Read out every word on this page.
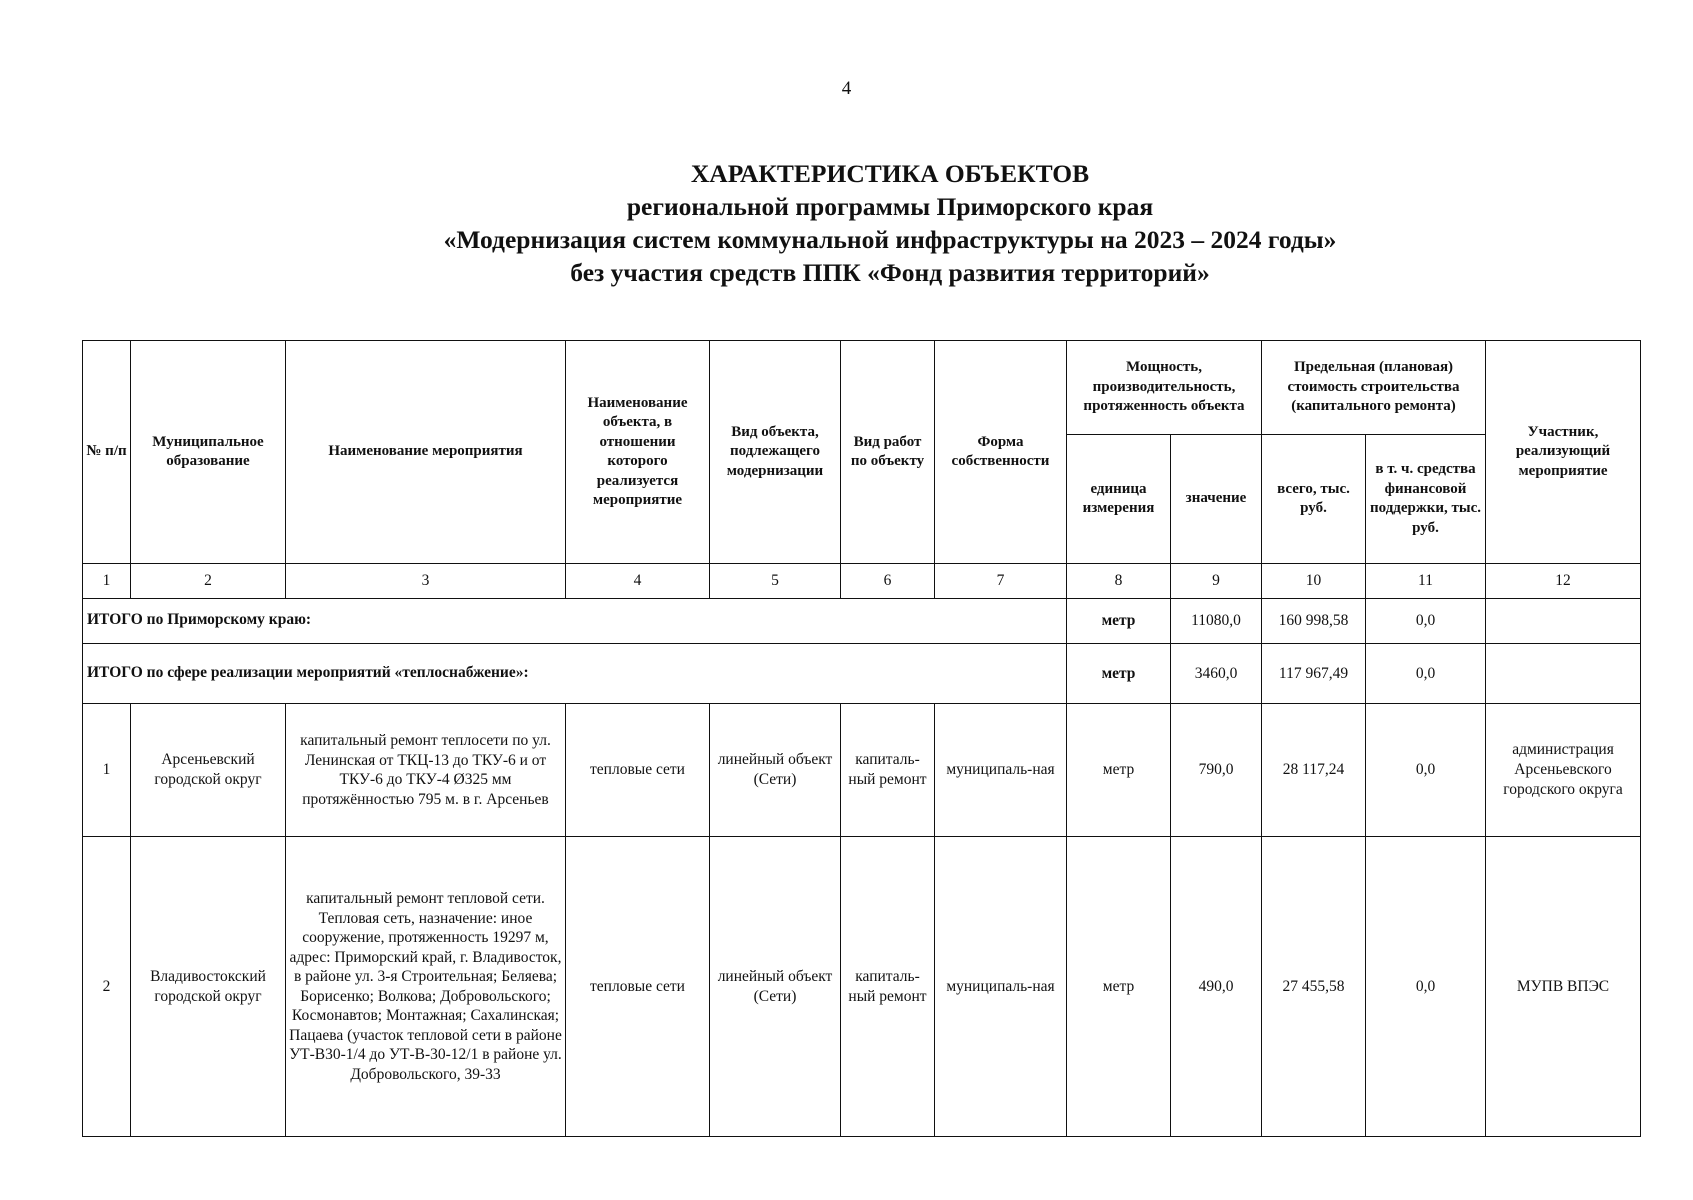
4
ХАРАКТЕРИСТИКА ОБЪЕКТОВ
региональной программы Приморского края
«Модернизация систем коммунальной инфраструктуры на 2023 – 2024 годы»
без участия средств ППК «Фонд развития территорий»
№ п/п	Муниципальное образование	Наименование мероприятия	Наименование объекта, в отношении которого реализуется мероприятие	Вид объекта, подлежащего модернизации	Вид работ по объекту	Форма собственности	Мощность, производительность, протяженность объекта		Предельная (плановая) стоимость строительства (капитального ремонта)		Участник, реализующий мероприятие
							единица измерения	значение	всего, тыс. руб.	в т. ч. средства финансовой поддержки, тыс. руб.	
1	2	3	4	5	6	7	8	9	10	11	12
ИТОГО по Приморскому краю:							метр	11080,0	160 998,58	0,0	
ИТОГО по сфере реализации мероприятий «теплоснабжение»:							метр	3460,0	117 967,49	0,0	
1	Арсеньевский городской округ	капитальный ремонт теплосети по ул. Ленинская от ТКЦ-13 до ТКУ-6 и от ТКУ-6 до ТКУ-4 Ø325 мм протяжённостью 795 м. в г. Арсеньев	тепловые сети	линейный объект (Сети)	капиталь-ный ремонт	муниципаль-ная	метр	790,0	28 117,24	0,0	администрация Арсеньевского городского округа
2	Владивостокский городской округ	капитальный ремонт тепловой сети. Тепловая сеть, назначение: иное сооружение, протяженность 19297 м, адрес: Приморский край, г. Владивосток, в районе ул. 3-я Строительная; Беляева; Борисенко; Волкова; Добровольского; Космонавтов; Монтажная; Сахалинская; Пацаева (участок тепловой сети в районе УТ-В30-1/4 до УТ-В-30-12/1 в районе ул. Добровольского, 39-33	тепловые сети	линейный объект (Сети)	капиталь-ный ремонт	муниципаль-ная	метр	490,0	27 455,58	0,0	МУПВ ВПЭС
